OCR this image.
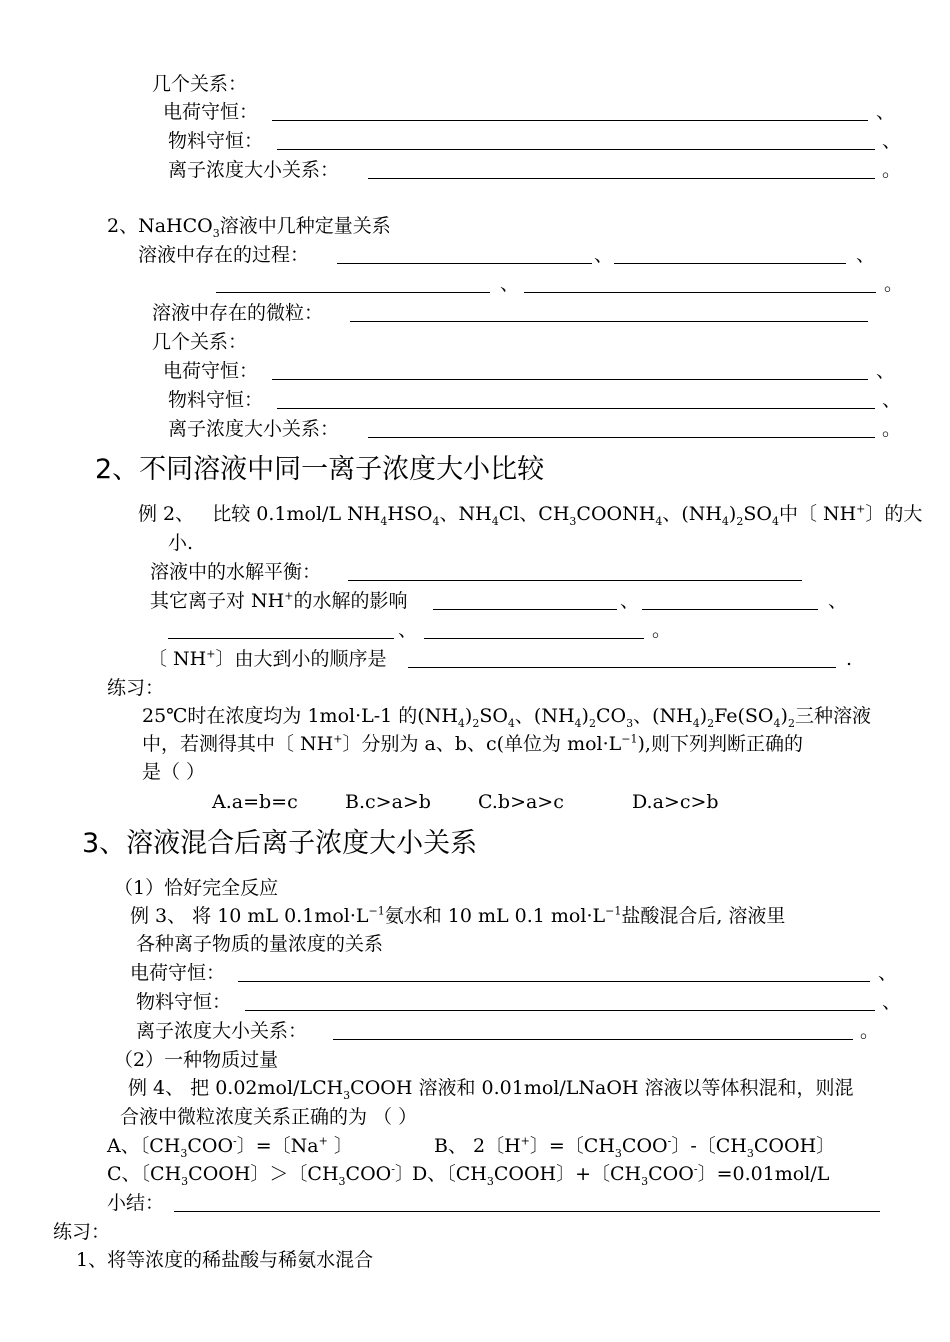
几个关系：
电荷守恒：	、
物料守恒：	、
离子浓度大小关系：	。
2、NaHCO$_3$溶液中几种定量关系
溶液中存在的过程：	、	、
、	。
溶液中存在的微粒：
几个关系：
电荷守恒：	、
物料守恒：	、
离子浓度大小关系：	。
2、不同溶液中同一离子浓度大小比较
例 2、 比较 0.1mol/L $NH_4HSO_4$、$NH_4Cl$、$CH_3COONH_4$、$(NH_4)_2SO_4$中〔 NH+〕的大
小.
溶液中的水解平衡：
其它离子对 NH+的水解的影响	、	、
、	。
〔 NH+〕由大到小的顺序是	.
练习：
25℃时在浓度均为 1mol·L-1 的$(NH_4)_2SO_4$、$(NH_4)_2CO_3$、$(NH_4)_2Fe(SO_4)_2$三种溶液
中，若测得其中〔 NH+〕分别为 a、b、c(单位为 $mol\cdot L^{-1}$),则下列判断正确的
是（ ）
A.a=b=c B.c>a>b C.b>a>c	D.a>c>b
3、溶液混合后离子浓度大小关系
（1）恰好完全反应
例 3、 将 10 mL $0.1mol\cdot L^{-1}$氨水和 10 mL 0.1 $mol\cdot L^{-1}$盐酸混合后, 溶液里
各种离子物质的量浓度的关系
电荷守恒：	、
物料守恒：	、
离子浓度大小关系：	。
（2）一种物质过量
例 4、 把 $0.02mol/LCH_3COOH$ 溶液和 0.01mol/LNaOH 溶液以等体积混和，则混
合液中微粒浓度关系正确的为 （ ）
A、〔$CH_3COO^-$〕=〔Na+ 〕	B、 2〔H+〕=〔$CH_3COO^-$〕-〔$CH_3COOH$〕
C、〔$CH_3COOH$〕＞〔$CH_3COO^-$〕
D、〔$CH_3COOH$〕+〔$CH_3COO^-$〕=0.01mol/L
小结：
练习：
1、将等浓度的稀盐酸与稀氨水混合
